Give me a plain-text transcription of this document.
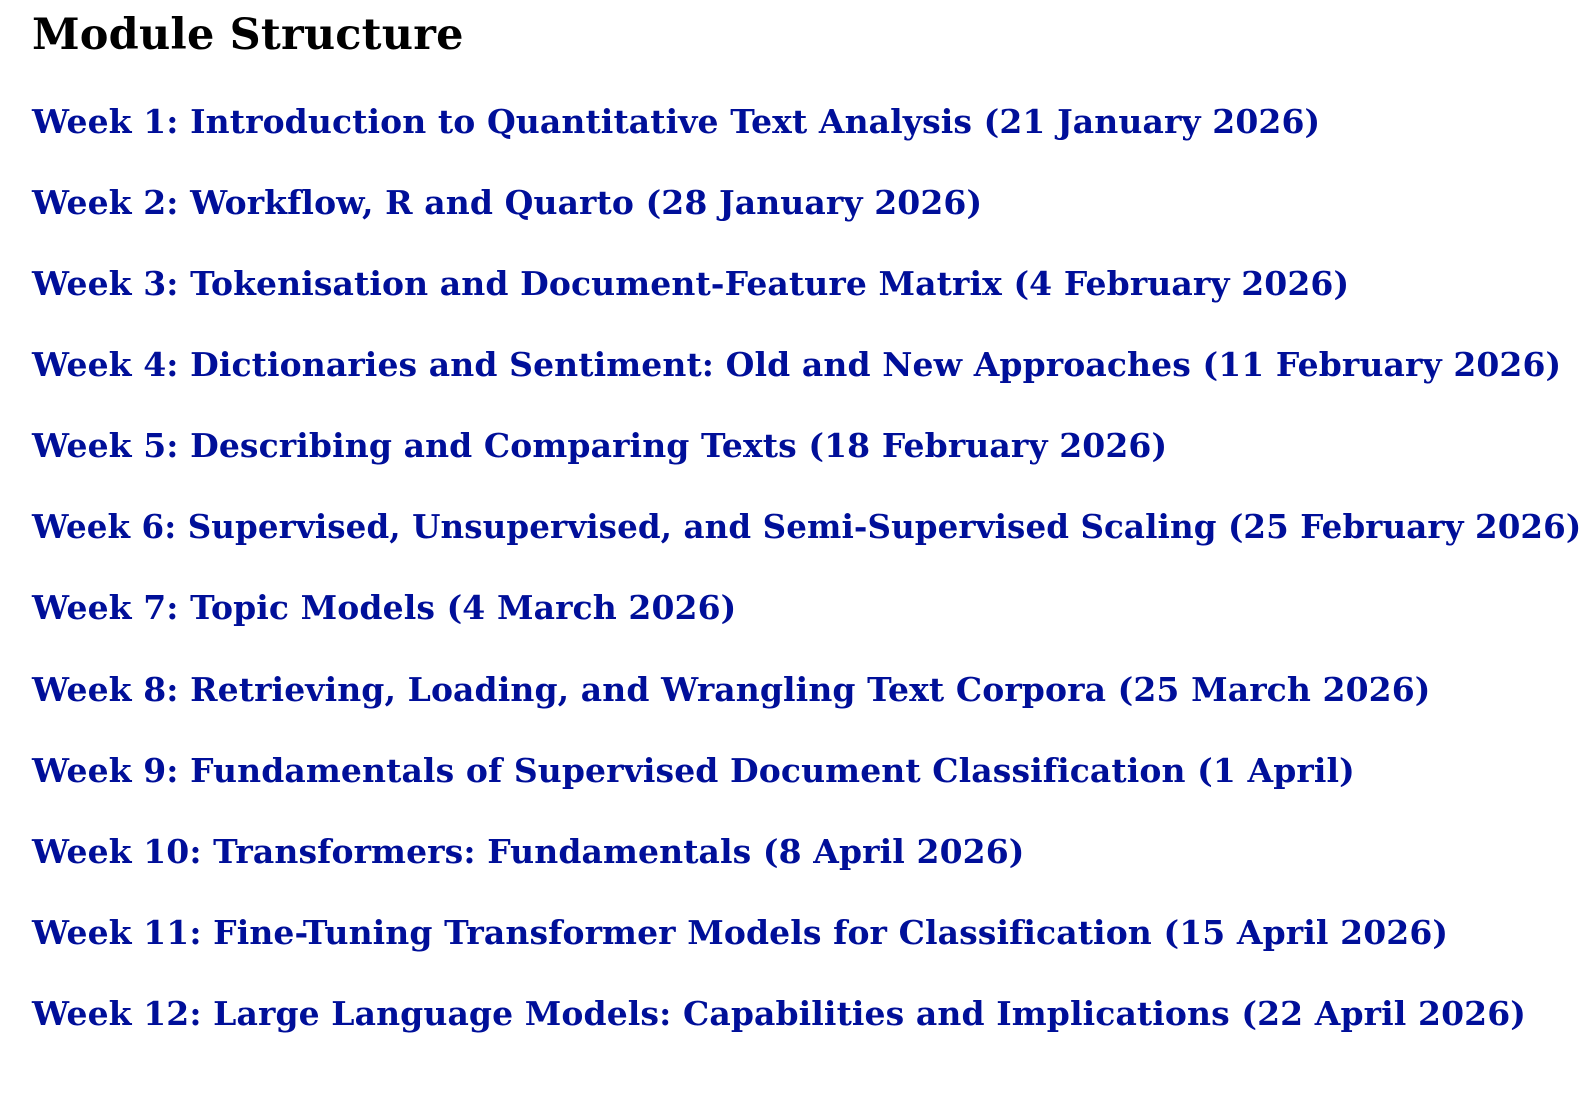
Module Structure
Week 1: Introduction to Quantitative Text Analysis (21 January 2026)
Week 2: Workflow, R and Quarto (28 January 2026)
Week 3: Tokenisation and Document-Feature Matrix (4 February 2026)
Week 4: Dictionaries and Sentiment: Old and New Approaches (11 February 2026)
Week 5: Describing and Comparing Texts (18 February 2026)
Week 6: Supervised, Unsupervised, and Semi-Supervised Scaling (25 February 2026)
Week 7: Topic Models (4 March 2026)
Week 8: Retrieving, Loading, and Wrangling Text Corpora (25 March 2026)
Week 9: Fundamentals of Supervised Document Classification (1 April)
Week 10: Transformers: Fundamentals (8 April 2026)
Week 11: Fine-Tuning Transformer Models for Classification (15 April 2026)
Week 12: Large Language Models: Capabilities and Implications (22 April 2026)
